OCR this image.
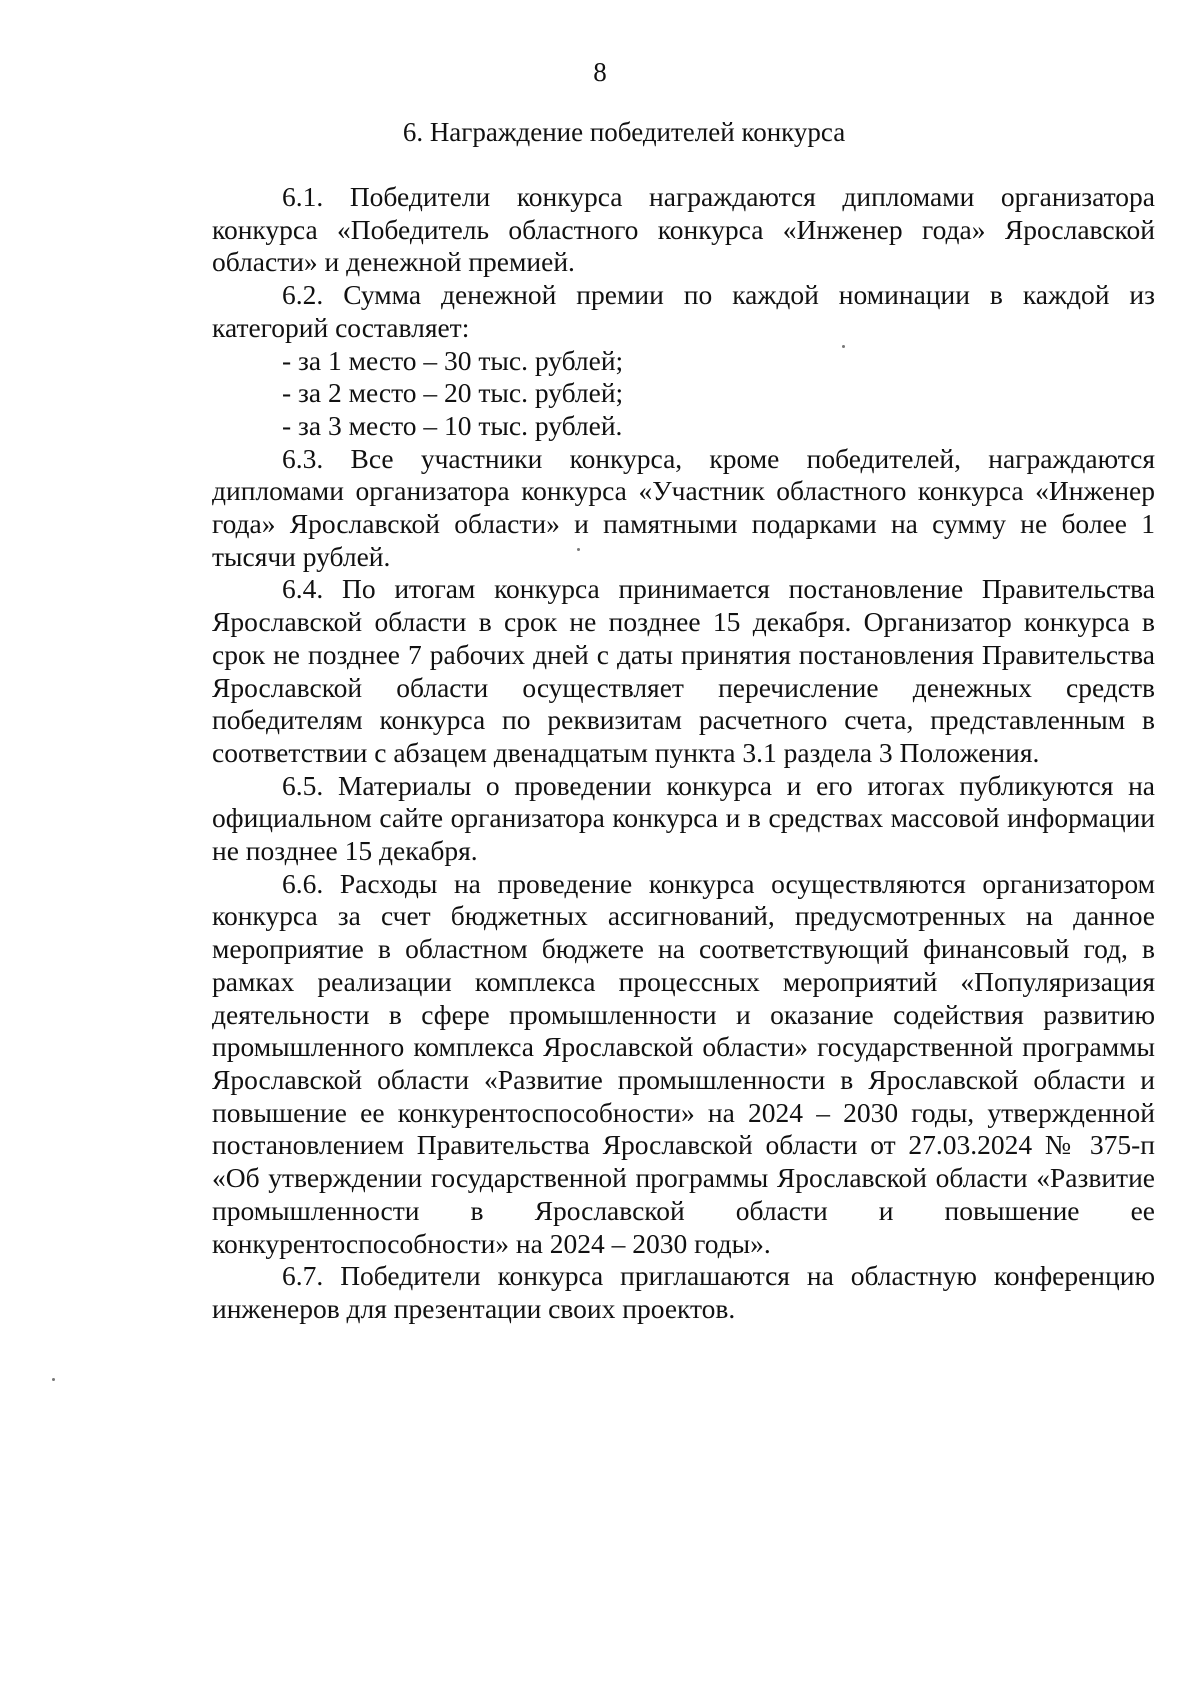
8
6. Награждение победителей конкурса

6.1. Победители конкурса награждаются дипломами организатора конкурса «Победитель областного конкурса «Инженер года» Ярославской области» и денежной премией.

6.2. Сумма денежной премии по каждой номинации в каждой из категорий составляет:

- за 1 место – 30 тыс. рублей;

- за 2 место – 20 тыс. рублей;

- за 3 место – 10 тыс. рублей.

6.3. Все участники конкурса, кроме победителей, награждаются дипломами организатора конкурса «Участник областного конкурса «Инженер года» Ярославской области» и памятными подарками на сумму не более 1 тысячи рублей.

6.4. По итогам конкурса принимается постановление Правительства Ярославской области в срок не позднее 15 декабря. Организатор конкурса в срок не позднее 7 рабочих дней с даты принятия постановления Правительства Ярославской области осуществляет перечисление денежных средств победителям конкурса по реквизитам расчетного счета, представленным в соответствии с абзацем двенадцатым пункта 3.1 раздела 3 Положения.

6.5. Материалы о проведении конкурса и его итогах публикуются на официальном сайте организатора конкурса и в средствах массовой информации не позднее 15 декабря.

6.6. Расходы на проведение конкурса осуществляются организатором конкурса за счет бюджетных ассигнований, предусмотренных на данное мероприятие в областном бюджете на соответствующий финансовый год, в рамках реализации комплекса процессных мероприятий «Популяризация деятельности в сфере промышленности и оказание содействия развитию промышленного комплекса Ярославской области» государственной программы Ярославской области «Развитие промышленности в Ярославской области и повышение ее конкурентоспособности» на 2024 – 2030 годы, утвержденной постановлением Правительства Ярославской области от 27.03.2024 № 375-п «Об утверждении государственной программы Ярославской области «Развитие промышленности в Ярославской области и повышение ее конкурентоспособности» на 2024 – 2030 годы».

6.7. Победители конкурса приглашаются на областную конференцию инженеров для презентации своих проектов.
